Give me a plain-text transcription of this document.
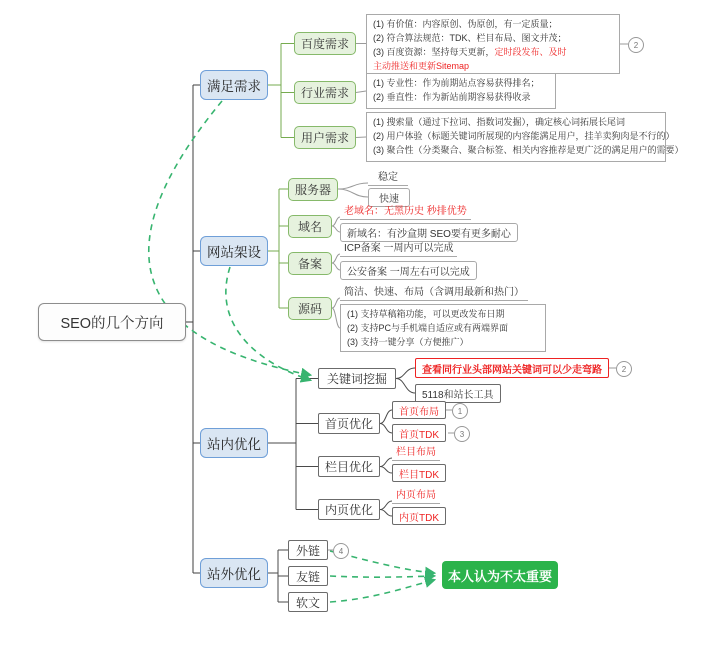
SEO的几个方向
满足需求
网站架设
站内优化
站外优化
百度需求
行业需求
用户需求
(1) 有价值：内容原创、伪原创，有一定质量；
(2) 符合算法规范：TDK、栏目布局、图文并茂；
(3) 百度资源：坚持每天更新，定时段发布、及时
主动推送和更新Sitemap
2
(1) 专业性：作为前期站点容易获得排名；
(2) 垂直性：作为新站前期容易获得收录
(1) 搜索量（通过下拉词、指数词发掘），确定核心词拓展长尾词
(2) 用户体验（标题关键词所展现的内容能满足用户，挂羊卖狗肉是不行的）
(3) 聚合性（分类聚合、聚合标签、相关内容推荐是更广泛的满足用户的需要）
服务器
域名
备案
源码
稳定
快速
老域名：无黑历史 秒排优势
新域名：有沙盒期 SEO要有更多耐心
ICP备案 一周内可以完成
公安备案 一周左右可以完成
简洁、快速、布局（含调用最新和热门）
(1) 支持草稿箱功能，可以更改发布日期
(2) 支持PC与手机端自适应或有两端界面
(3) 支持一键分享（方便推广）
关键词挖掘
首页优化
栏目优化
内页优化
查看同行业头部网站关键词可以少走弯路 2
5118和站长工具
首页布局 1
首页TDK	3
栏目布局
栏目TDK
内页布局
内页TDK
外链 4
友链
软文
本人认为不太重要
